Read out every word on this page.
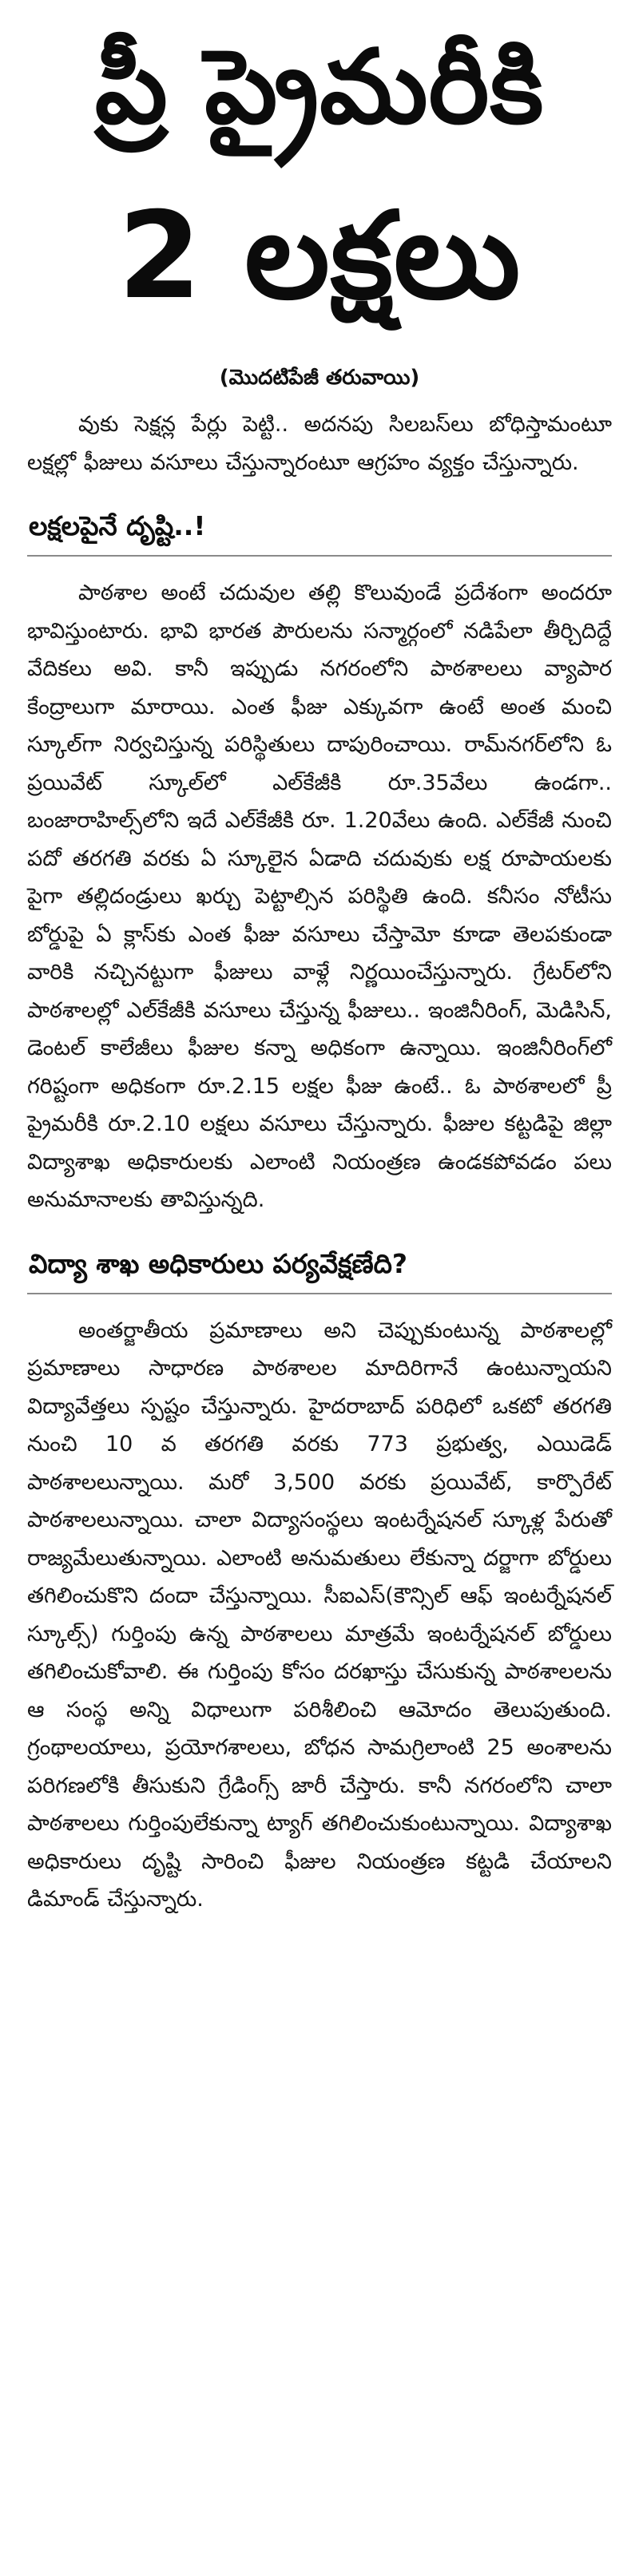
ప్రీ ప్రైమరీకి
2 లక్షలు

(మొదటిపేజీ తరువాయి)

వుకు సెక్షన్ల పేర్లు పెట్టి.. అదనపు సిలబస్‌లు బోధిస్తామంటూ లక్షల్లో ఫీజులు వసూలు చేస్తున్నారంటూ ఆగ్రహం వ్యక్తం చేస్తున్నారు.

లక్షలపైనే దృష్టి..!

పాఠశాల అంటే చదువుల తల్లి కొలువుండే ప్రదేశంగా అందరూ భావిస్తుంటారు. భావి భారత పౌరులను సన్మార్గంలో నడిపేలా తీర్చిదిద్దే వేదికలు అవి. కానీ ఇప్పుడు నగరంలోని పాఠశాలలు వ్యాపార కేంద్రాలుగా మారాయి. ఎంత ఫీజు ఎక్కువగా ఉంటే అంత మంచి స్కూల్‌గా నిర్వచిస్తున్న పరిస్థితులు దాపురించాయి. రామ్‌నగర్‌లోని ఓ ప్రయివేట్ స్కూల్‌లో ఎల్‌కేజీకి రూ.35వేలు ఉండగా.. బంజారాహిల్స్‌లోని ఇదే ఎల్‌కేజీకి రూ. 1.20వేలు ఉంది. ఎల్‌కేజీ నుంచి పదో తరగతి వరకు ఏ స్కూలైన ఏడాది చదువుకు లక్ష రూపాయలకు పైగా తల్లిదండ్రులు ఖర్చు పెట్టాల్సిన పరిస్థితి ఉంది. కనీసం నోటీసు బోర్డుపై ఏ క్లాస్‌కు ఎంత ఫీజు వసూలు చేస్తామో కూడా తెలపకుండా వారికి నచ్చినట్టుగా ఫీజులు వాళ్లే నిర్ణయించేస్తున్నారు. గ్రేటర్‌లోని పాఠశాలల్లో ఎల్‌కేజీకి వసూలు చేస్తున్న ఫీజులు.. ఇంజినీరింగ్, మెడిసిన్, డెంటల్ కాలేజీలు ఫీజుల కన్నా అధికంగా ఉన్నాయి. ఇంజినీరింగ్‌లో గరిష్టంగా అధికంగా రూ.2.15 లక్షల ఫీజు ఉంటే.. ఓ పాఠశాలలో ప్రీ ప్రైమరీకి రూ.2.10 లక్షలు వసూలు చేస్తున్నారు. ఫీజుల కట్టడిపై జిల్లా విద్యాశాఖ అధికారులకు ఎలాంటి నియంత్రణ ఉండకపోవడం పలు అనుమానాలకు తావిస్తున్నది.

విద్యా శాఖ అధికారులు పర్యవేక్షణేది?

అంతర్జాతీయ ప్రమాణాలు అని చెప్పుకుంటున్న పాఠశాలల్లో ప్రమాణాలు సాధారణ పాఠశాలల మాదిరిగానే ఉంటున్నాయని విద్యావేత్తలు స్పష్టం చేస్తున్నారు. హైదరాబాద్ పరిధిలో ఒకటో తరగతి నుంచి 10 వ తరగతి వరకు 773 ప్రభుత్వ, ఎయిడెడ్ పాఠశాలలున్నాయి. మరో 3,500 వరకు ప్రయివేట్, కార్పొరేట్ పాఠశాలలున్నాయి. చాలా విద్యాసంస్థలు ఇంటర్నేషనల్ స్కూళ్ల పేరుతో రాజ్యమేలుతున్నాయి. ఎలాంటి అనుమతులు లేకున్నా దర్జాగా బోర్డులు తగిలించుకొని దందా చేస్తున్నాయి. సీఐఎస్(కౌన్సిల్ ఆఫ్ ఇంటర్నేషనల్ స్కూల్స్) గుర్తింపు ఉన్న పాఠశాలలు మాత్రమే ఇంటర్నేషనల్ బోర్డులు తగిలించుకోవాలి. ఈ గుర్తింపు కోసం దరఖాస్తు చేసుకున్న పాఠశాలలను ఆ సంస్థ అన్ని విధాలుగా పరిశీలించి ఆమోదం తెలుపుతుంది. గ్రంథాలయాలు, ప్రయోగశాలలు, బోధన సామగ్రిలాంటి 25 అంశాలను పరిగణలోకి తీసుకుని గ్రేడింగ్స్ జారీ చేస్తారు. కానీ నగరంలోని చాలా పాఠశాలలు గుర్తింపులేకున్నా ట్యాగ్ తగిలించుకుంటున్నాయి. విద్యాశాఖ అధికారులు దృష్టి సారించి ఫీజుల నియంత్రణ కట్టడి చేయాలని డిమాండ్ చేస్తున్నారు.
